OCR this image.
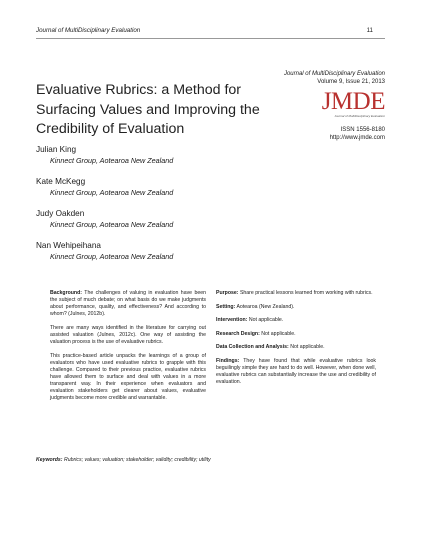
Journal of MultiDisciplinary Evaluation	11
Evaluative Rubrics: a Method for Surfacing Values and Improving the Credibility of Evaluation
Journal of MultiDisciplinary Evaluation
Volume 9, Issue 21, 2013
JMDE
Journal of MultiDisciplinary Evaluation
ISSN 1556-8180
http://www.jmde.com
Julian King
Kinnect Group, Aotearoa New Zealand
Kate McKegg
Kinnect Group, Aotearoa New Zealand
Judy Oakden
Kinnect Group, Aotearoa New Zealand
Nan Wehipeihana
Kinnect Group, Aotearoa New Zealand

Background: The challenges of valuing in evaluation have been the subject of much debate; on what basis do we make judgments about performance, quality, and effectiveness? And according to whom? (Julnes, 2012b).

There are many ways identified in the literature for carrying out assisted valuation (Julnes, 2012c). One way of assisting the valuation process is the use of evaluative rubrics.

This practice-based article unpacks the learnings of a group of evaluators who have used evaluative rubrics to grapple with this challenge. Compared to their previous practice, evaluative rubrics have allowed them to surface and deal with values in a more transparent way. In their experience when evaluators and evaluation stakeholders get clearer about values, evaluative judgments become more credible and warrantable.

Purpose: Share practical lessons learned from working with rubrics.

Setting: Aotearoa (New Zealand).

Intervention: Not applicable.

Research Design: Not applicable.

Data Collection and Analysis: Not applicable.

Findings: They have found that while evaluative rubrics look beguilingly simple they are hard to do well. However, when done well, evaluative rubrics can substantially increase the use and credibility of evaluation.

Keywords: Rubrics; values; valuation; stakeholder; validity; credibility; utility
